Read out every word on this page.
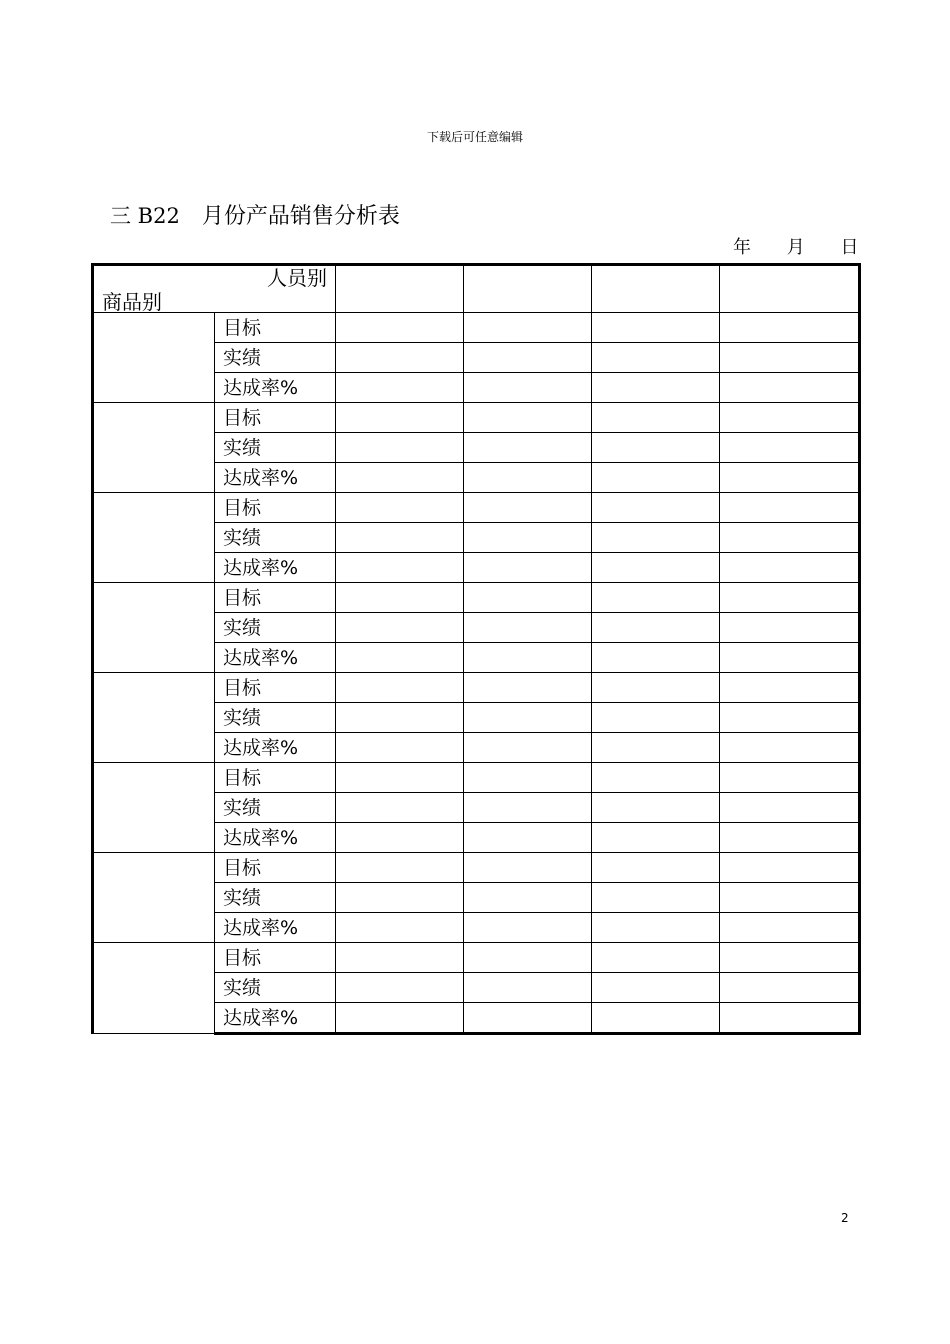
下载后可任意编辑
三 B22 月份产品销售分析表
年 月 日
人员别
商品别					

	目标				
	实绩				
	达成率%				
	目标				
	实绩				
	达成率%				
	目标				
	实绩				
	达成率%				
	目标				
	实绩				
	达成率%				
	目标				
	实绩				
	达成率%				
	目标				
	实绩				
	达成率%				
	目标				
	实绩				
	达成率%				
	目标				
	实绩				
	达成率%				
2
